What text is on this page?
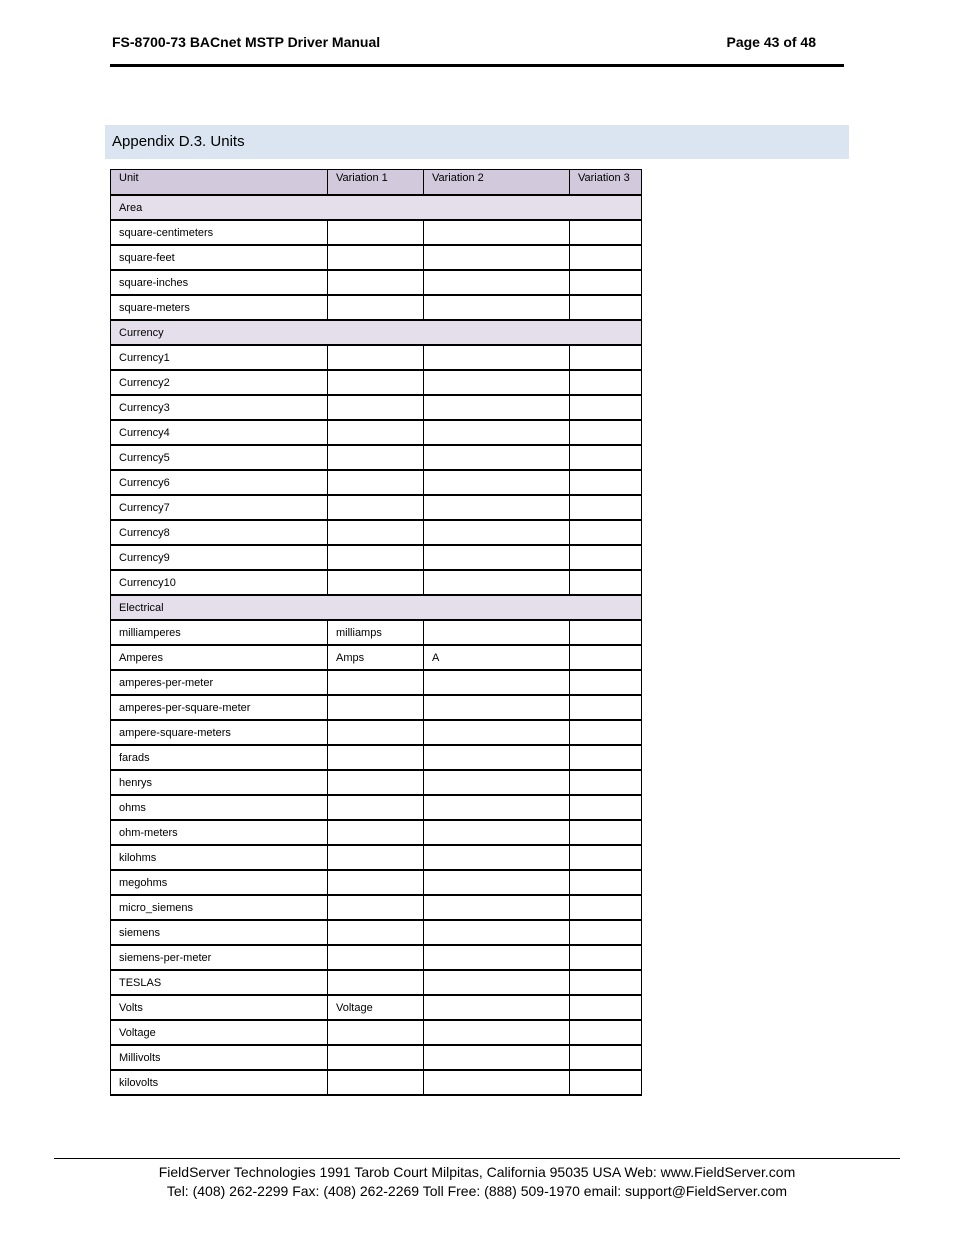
FS-8700-73 BACnet MSTP Driver Manual	Page 43 of 48
Appendix D.3. Units
Unit	Variation 1	Variation 2	Variation 3
Area			
square-centimeters			
square-feet			
square-inches			
square-meters			
Currency			
Currency1			
Currency2			
Currency3			
Currency4			
Currency5			
Currency6			
Currency7			
Currency8			
Currency9			
Currency10			
Electrical			
milliamperes	milliamps		
Amperes	Amps	A	
amperes-per-meter			
amperes-per-square-meter			
ampere-square-meters			
farads			
henrys			
ohms			
ohm-meters			
kilohms			
megohms			
micro_siemens			
siemens			
siemens-per-meter			
TESLAS			
Volts	Voltage		
Voltage			
Millivolts			
kilovolts			
FieldServer Technologies 1991 Tarob Court Milpitas, California 95035 USA Web: www.FieldServer.com
Tel: (408) 262-2299 Fax: (408) 262-2269 Toll Free: (888) 509-1970 email: support@FieldServer.com
